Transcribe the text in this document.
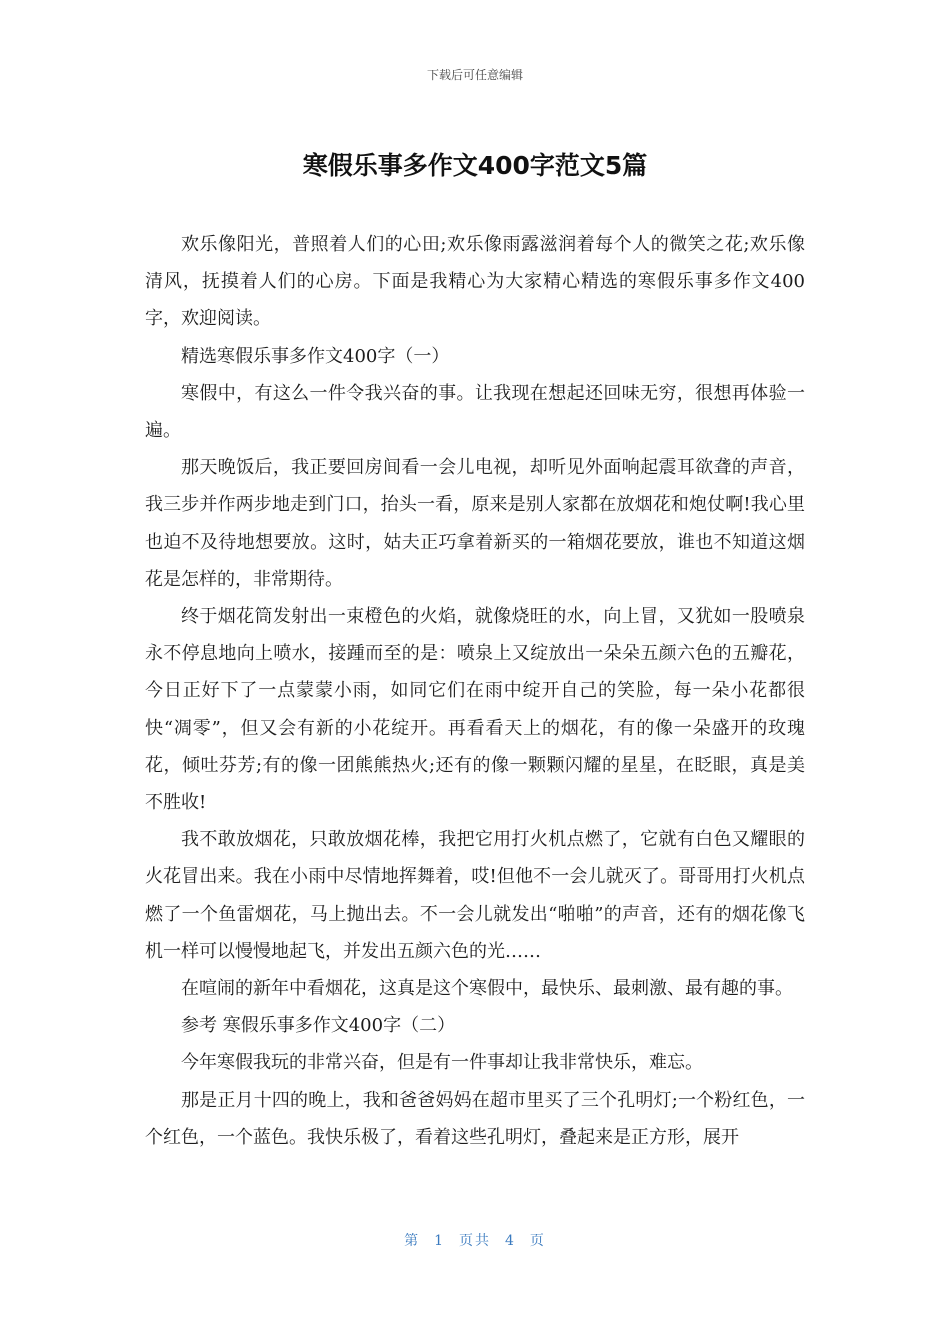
下载后可任意编辑
寒假乐事多作文400字范文5篇

欢乐像阳光，普照着人们的心田;欢乐像雨露滋润着每个人的微笑之花;欢乐像清风，抚摸着人们的心房。下面是我精心为大家精心精选的寒假乐事多作文400字，欢迎阅读。

精选寒假乐事多作文400字（一）

寒假中，有这么一件令我兴奋的事。让我现在想起还回味无穷，很想再体验一遍。

那天晚饭后，我正要回房间看一会儿电视，却听见外面响起震耳欲聋的声音，我三步并作两步地走到门口，抬头一看，原来是别人家都在放烟花和炮仗啊!我心里也迫不及待地想要放。这时，姑夫正巧拿着新买的一箱烟花要放，谁也不知道这烟花是怎样的，非常期待。

终于烟花筒发射出一束橙色的火焰，就像烧旺的水，向上冒，又犹如一股喷泉永不停息地向上喷水，接踵而至的是：喷泉上又绽放出一朵朵五颜六色的五瓣花，今日正好下了一点蒙蒙小雨，如同它们在雨中绽开自己的笑脸，每一朵小花都很快“凋零”，但又会有新的小花绽开。再看看天上的烟花，有的像一朵盛开的玫瑰花，倾吐芬芳;有的像一团熊熊热火;还有的像一颗颗闪耀的星星，在眨眼，真是美不胜收!

我不敢放烟花，只敢放烟花棒，我把它用打火机点燃了，它就有白色又耀眼的火花冒出来。我在小雨中尽情地挥舞着，哎!但他不一会儿就灭了。哥哥用打火机点燃了一个鱼雷烟花，马上抛出去。不一会儿就发出“啪啪”的声音，还有的烟花像飞机一样可以慢慢地起飞，并发出五颜六色的光……

在喧闹的新年中看烟花，这真是这个寒假中，最快乐、最刺激、最有趣的事。

参考 寒假乐事多作文400字（二）

今年寒假我玩的非常兴奋，但是有一件事却让我非常快乐，难忘。

那是正月十四的晚上，我和爸爸妈妈在超市里买了三个孔明灯;一个粉红色，一个红色，一个蓝色。我快乐极了，看着这些孔明灯，叠起来是正方形，展开

第 1 页共 4 页
